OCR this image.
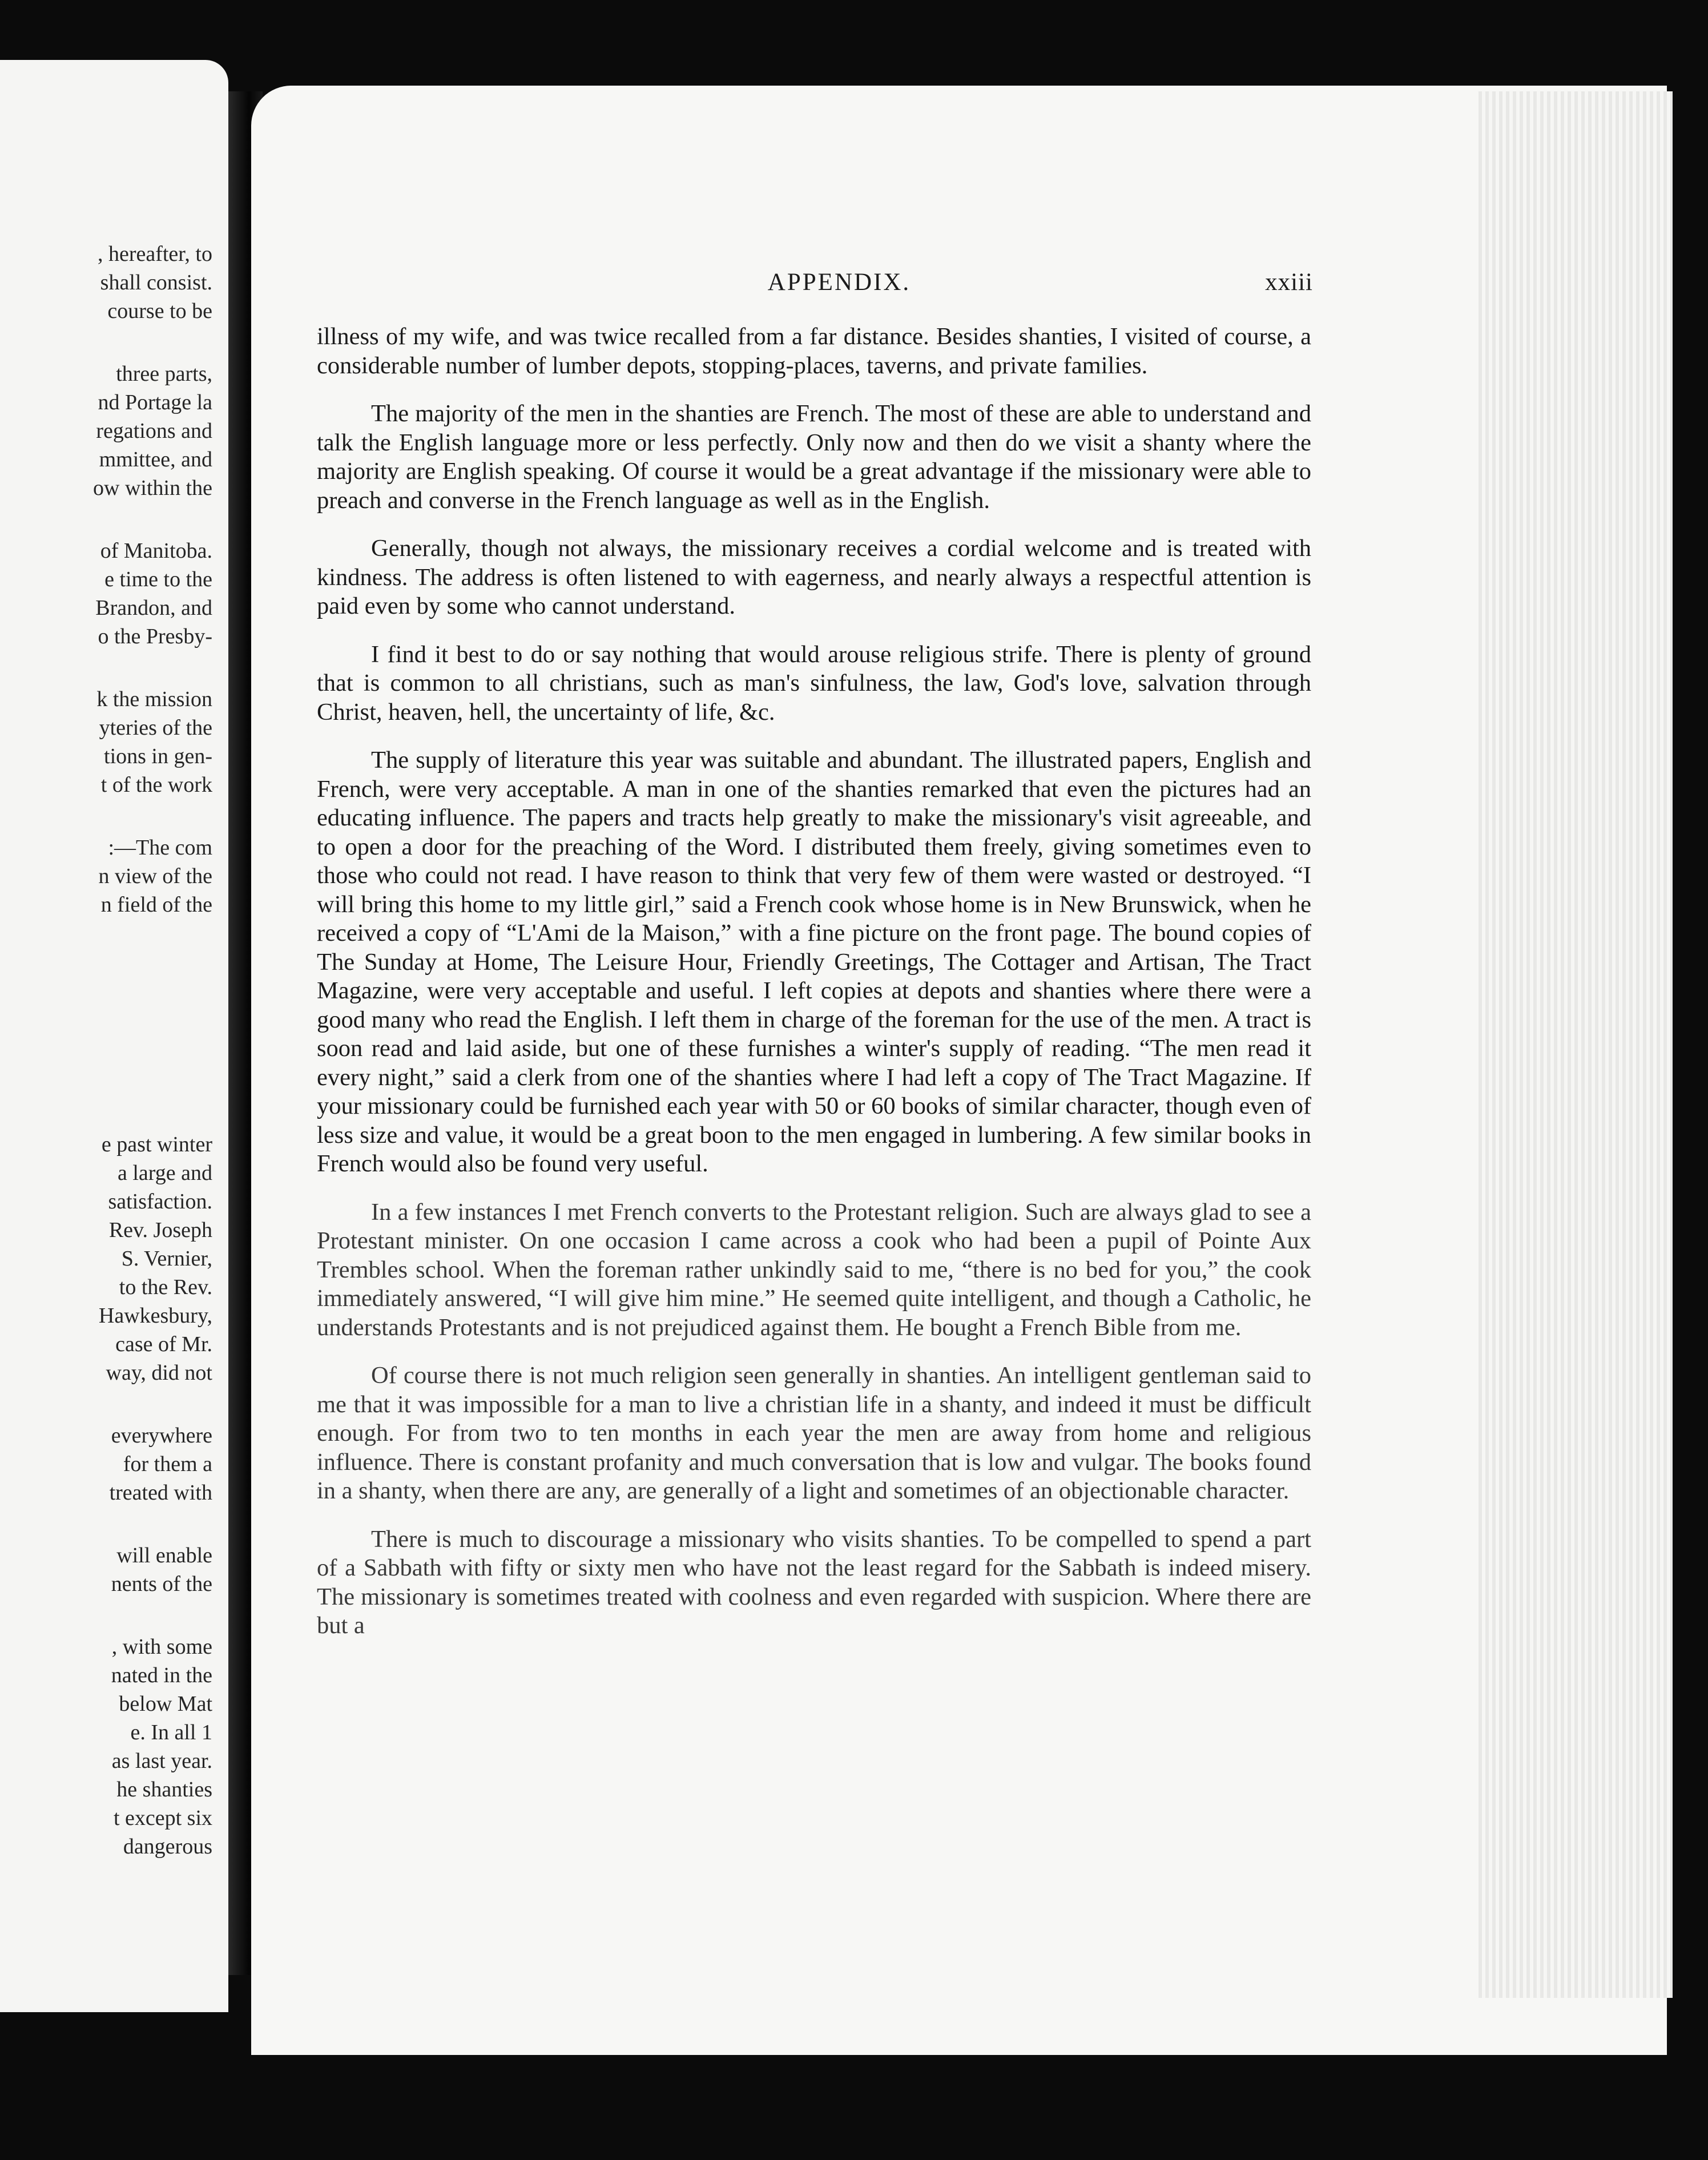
, hereafter, to
shall consist.
course to be
three parts,
nd Portage la
regations and
mmittee, and
ow within the
of Manitoba.
e time to the
Brandon, and
o the Presby-
k the mission
yteries of the
tions in gen-
t of the work
:—The com
n view of the
n field of the
e past winter
a large and
satisfaction.
Rev. Joseph
S. Vernier,
to the Rev.
Hawkesbury,
case of Mr.
way, did not
everywhere
for them a
treated with
will enable
nents of the
, with some
nated in the
below Mat
e. In all 1
as last year.
he shanties
t except six
dangerous
APPENDIX.	xxiii

illness of my wife, and was twice recalled from a far distance. Besides shanties, I visited of course, a considerable number of lumber depots, stopping-places, taverns, and private families.

The majority of the men in the shanties are French. The most of these are able to understand and talk the English language more or less perfectly. Only now and then do we visit a shanty where the majority are English speaking. Of course it would be a great advantage if the missionary were able to preach and converse in the French language as well as in the English.

Generally, though not always, the missionary receives a cordial welcome and is treated with kindness. The address is often listened to with eagerness, and nearly always a respectful attention is paid even by some who cannot understand.

I find it best to do or say nothing that would arouse religious strife. There is plenty of ground that is common to all christians, such as man's sinfulness, the law, God's love, salvation through Christ, heaven, hell, the uncertainty of life, &c.

The supply of literature this year was suitable and abundant. The illustrated papers, English and French, were very acceptable. A man in one of the shanties remarked that even the pictures had an educating influence. The papers and tracts help greatly to make the missionary's visit agreeable, and to open a door for the preaching of the Word. I distributed them freely, giving sometimes even to those who could not read. I have reason to think that very few of them were wasted or destroyed. “I will bring this home to my little girl,” said a French cook whose home is in New Brunswick, when he received a copy of “L'Ami de la Maison,” with a fine picture on the front page. The bound copies of The Sunday at Home, The Leisure Hour, Friendly Greetings, The Cottager and Artisan, The Tract Magazine, were very acceptable and useful. I left copies at depots and shanties where there were a good many who read the English. I left them in charge of the foreman for the use of the men. A tract is soon read and laid aside, but one of these furnishes a winter's supply of reading. “The men read it every night,” said a clerk from one of the shanties where I had left a copy of The Tract Magazine. If your missionary could be furnished each year with 50 or 60 books of similar character, though even of less size and value, it would be a great boon to the men engaged in lumbering. A few similar books in French would also be found very useful.

In a few instances I met French converts to the Protestant religion. Such are always glad to see a Protestant minister. On one occasion I came across a cook who had been a pupil of Pointe Aux Trembles school. When the foreman rather unkindly said to me, “there is no bed for you,” the cook immediately answered, “I will give him mine.” He seemed quite intelligent, and though a Catholic, he understands Protestants and is not prejudiced against them. He bought a French Bible from me.

Of course there is not much religion seen generally in shanties. An intelligent gentleman said to me that it was impossible for a man to live a christian life in a shanty, and indeed it must be difficult enough. For from two to ten months in each year the men are away from home and religious influence. There is constant profanity and much conversation that is low and vulgar. The books found in a shanty, when there are any, are generally of a light and sometimes of an objectionable character.

There is much to discourage a missionary who visits shanties. To be compelled to spend a part of a Sabbath with fifty or sixty men who have not the least regard for the Sabbath is indeed misery. The missionary is sometimes treated with coolness and even regarded with suspicion. Where there are but a
